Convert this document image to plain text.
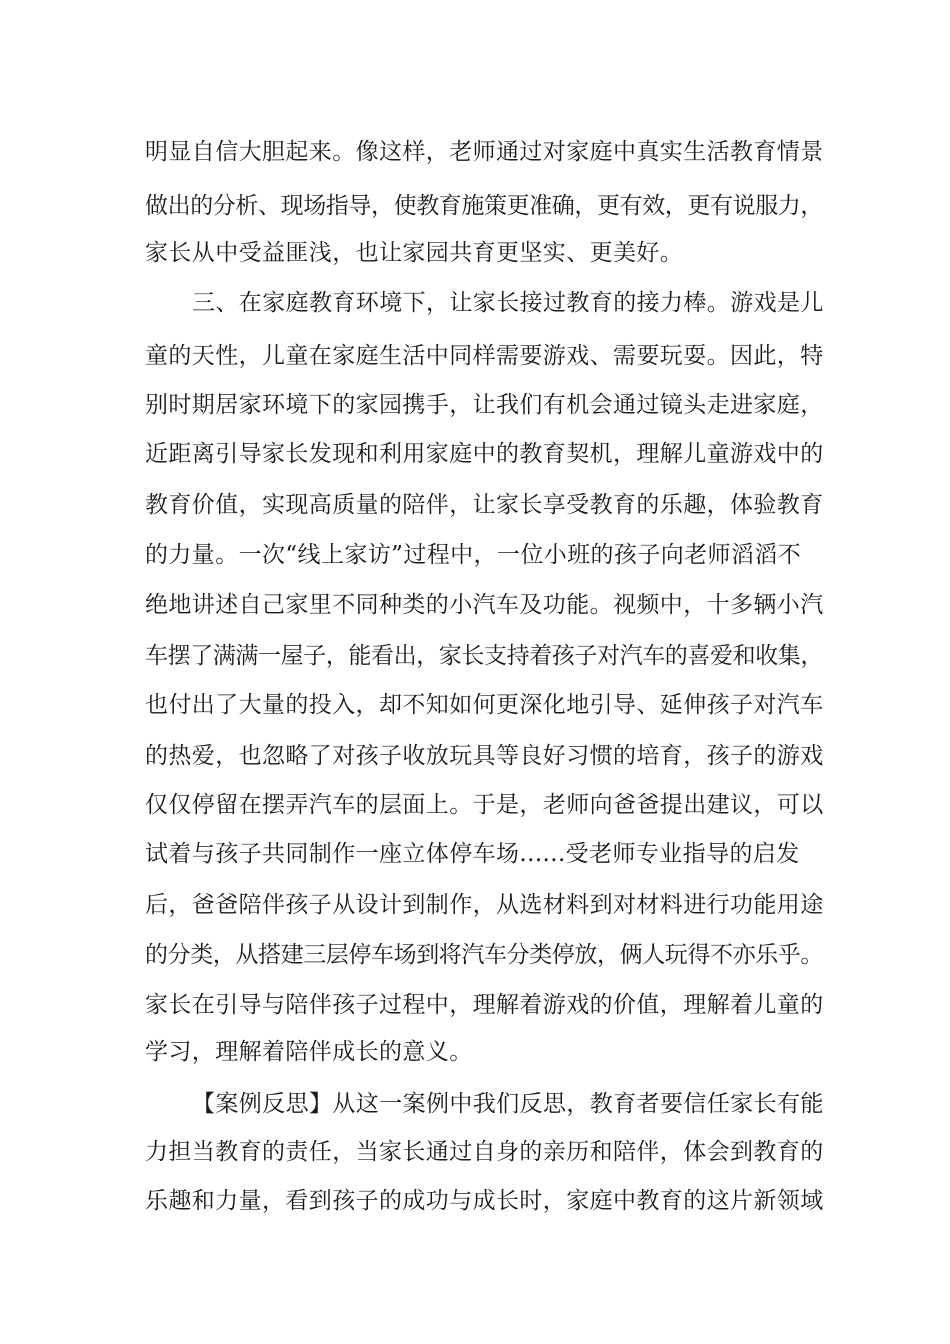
明显自信大胆起来。像这样，老师通过对家庭中真实生活教育情景

做出的分析、现场指导，使教育施策更准确，更有效，更有说服力，

家长从中受益匪浅，也让家园共育更坚实、更美好。

三、在家庭教育环境下，让家长接过教育的接力棒。游戏是儿

童的天性，儿童在家庭生活中同样需要游戏、需要玩耍。因此，特

别时期居家环境下的家园携手，让我们有机会通过镜头走进家庭，

近距离引导家长发现和利用家庭中的教育契机，理解儿童游戏中的

教育价值，实现高质量的陪伴，让家长享受教育的乐趣，体验教育

的力量。一次“线上家访”过程中，一位小班的孩子向老师滔滔不

绝地讲述自己家里不同种类的小汽车及功能。视频中，十多辆小汽

车摆了满满一屋子，能看出，家长支持着孩子对汽车的喜爱和收集，

也付出了大量的投入，却不知如何更深化地引导、延伸孩子对汽车

的热爱，也忽略了对孩子收放玩具等良好习惯的培育，孩子的游戏

仅仅停留在摆弄汽车的层面上。于是，老师向爸爸提出建议，可以

试着与孩子共同制作一座立体停车场......受老师专业指导的启发

后，爸爸陪伴孩子从设计到制作，从选材料到对材料进行功能用途

的分类，从搭建三层停车场到将汽车分类停放，俩人玩得不亦乐乎。

家长在引导与陪伴孩子过程中，理解着游戏的价值，理解着儿童的

学习，理解着陪伴成长的意义。

【案例反思】从这一案例中我们反思，教育者要信任家长有能

力担当教育的责任，当家长通过自身的亲历和陪伴，体会到教育的

乐趣和力量，看到孩子的成功与成长时，家庭中教育的这片新领域
